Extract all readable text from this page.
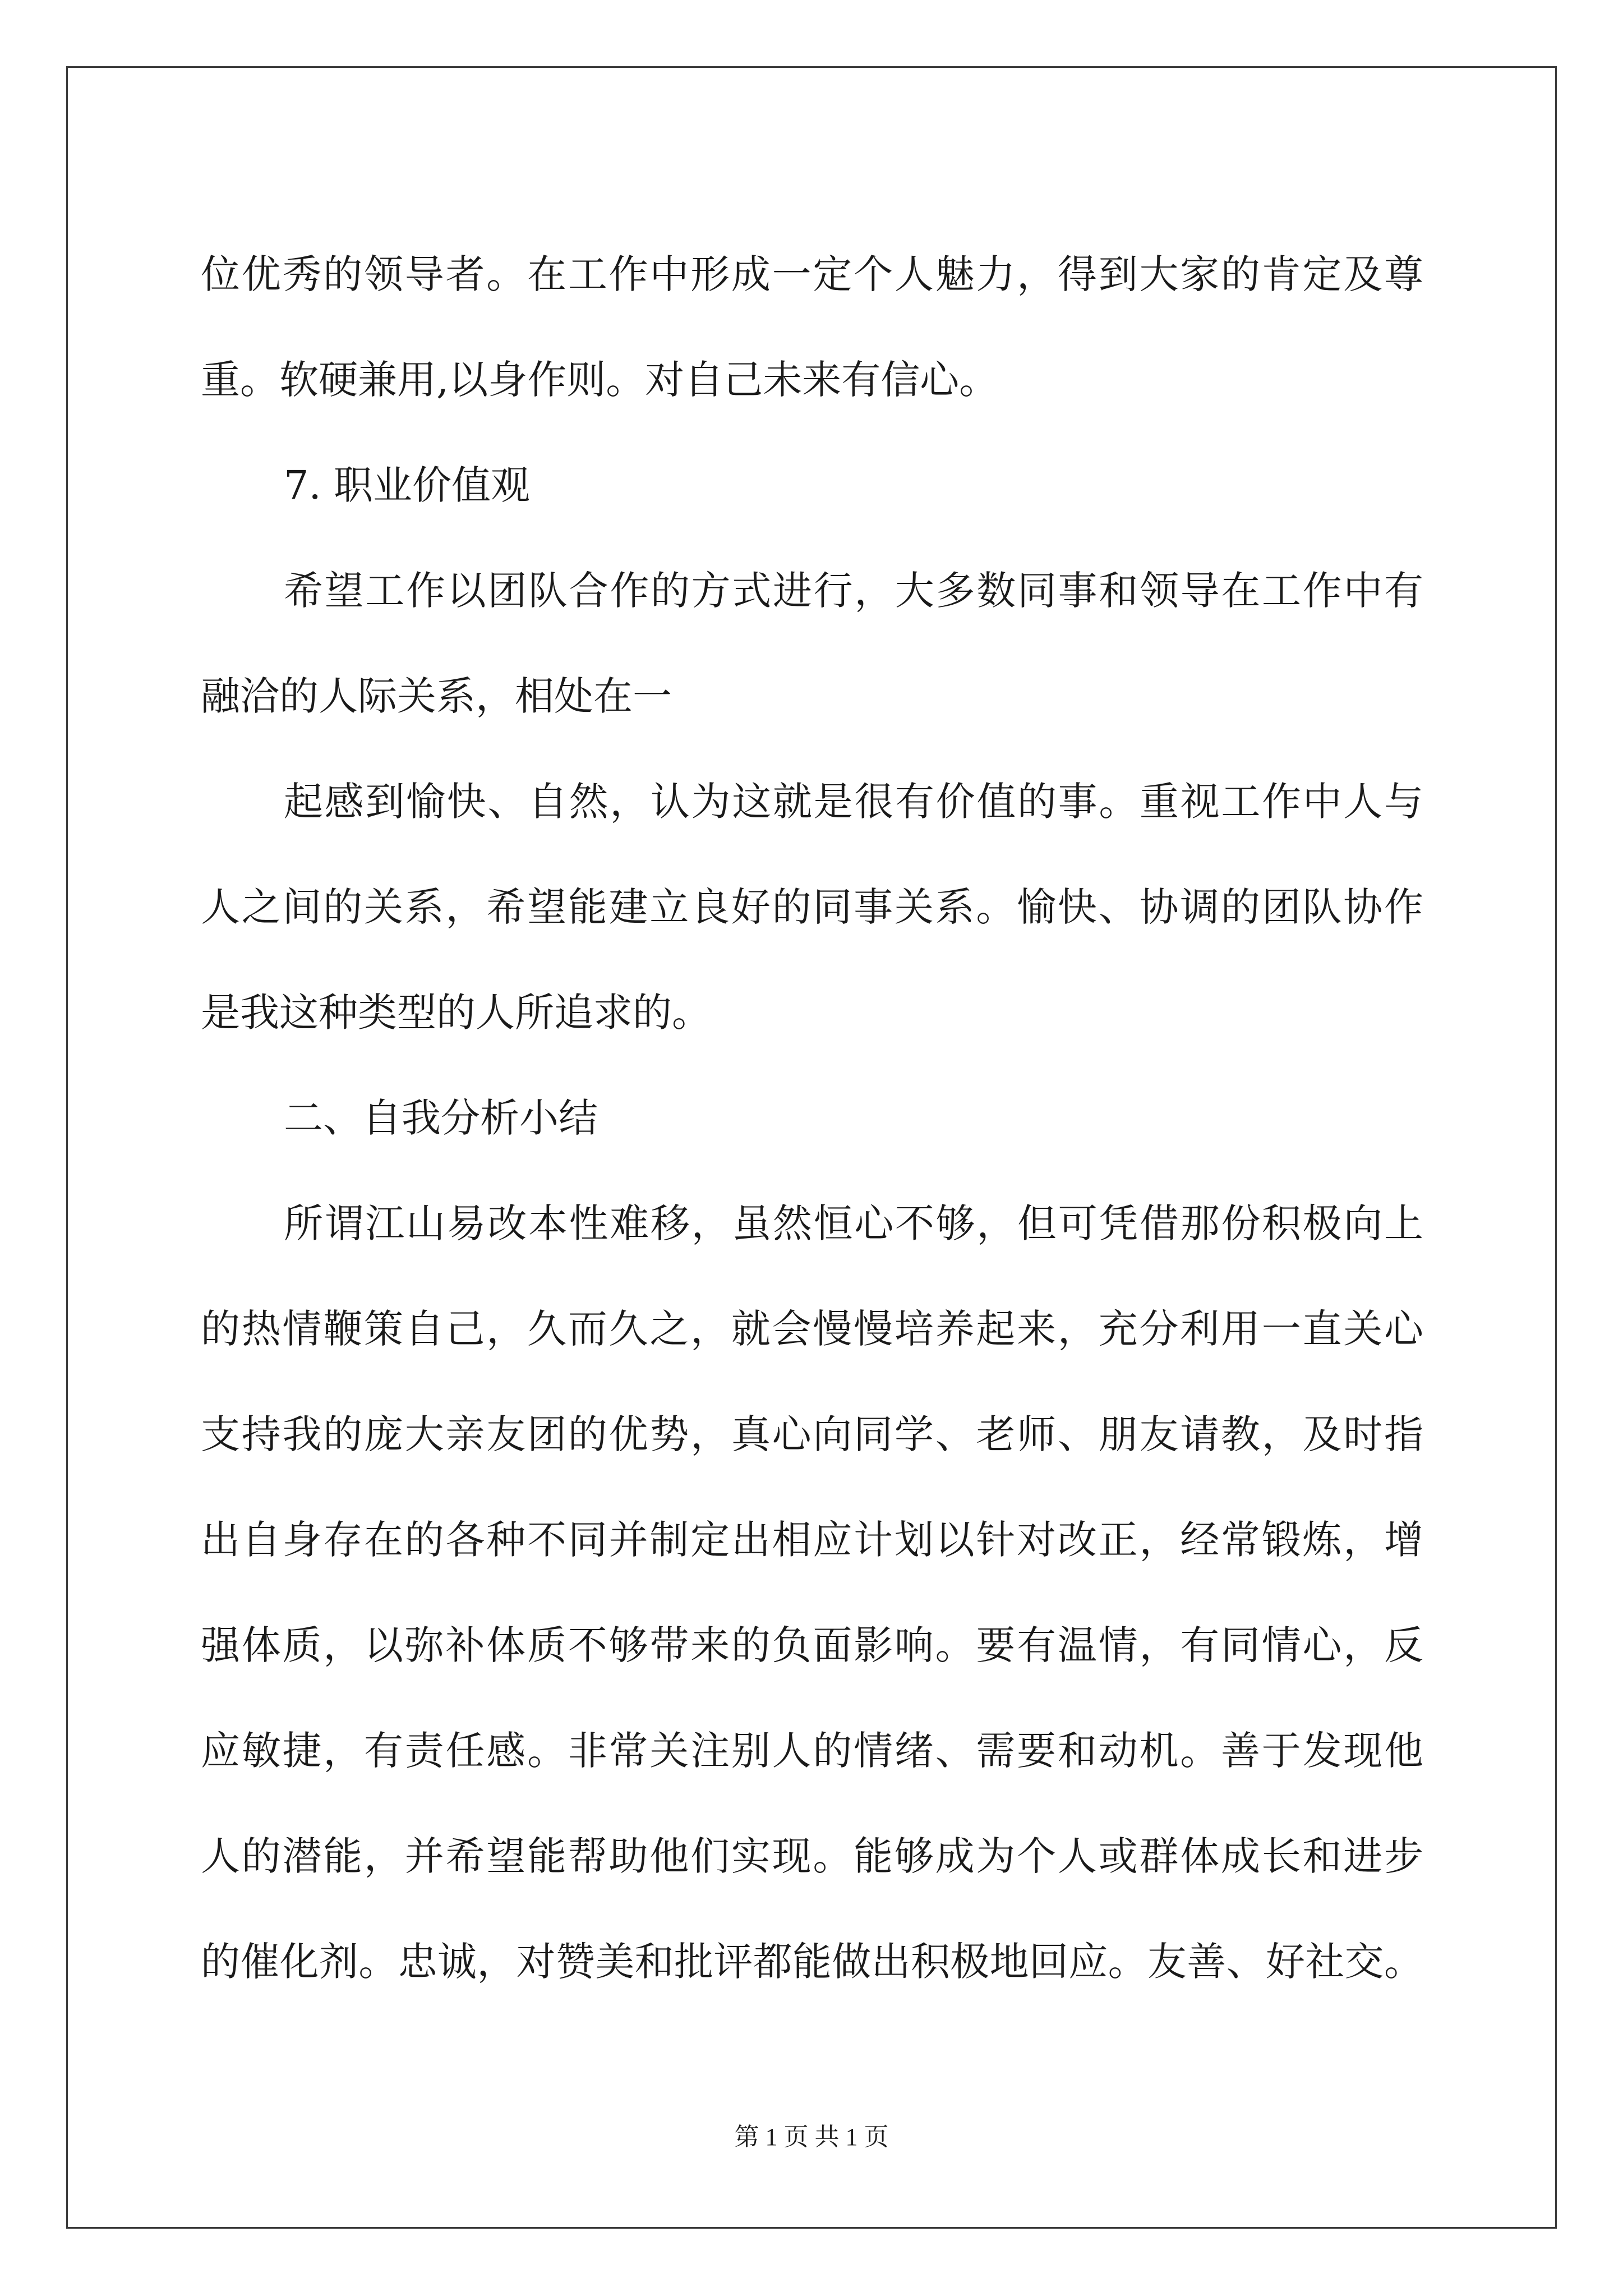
位优秀的领导者。在工作中形成一定个人魅力，得到大家的肯定及尊
重。软硬兼用,以身作则。对自己未来有信心。
7. 职业价值观
希望工作以团队合作的方式进行，大多数同事和领导在工作中有
融洽的人际关系，相处在一
起感到愉快、自然，认为这就是很有价值的事。重视工作中人与
人之间的关系，希望能建立良好的同事关系。愉快、协调的团队协作
是我这种类型的人所追求的。
二、自我分析小结
所谓江山易改本性难移，虽然恒心不够，但可凭借那份积极向上
的热情鞭策自己，久而久之，就会慢慢培养起来，充分利用一直关心
支持我的庞大亲友团的优势，真心向同学、老师、朋友请教，及时指
出自身存在的各种不同并制定出相应计划以针对改正，经常锻炼，增
强体质，以弥补体质不够带来的负面影响。要有温情，有同情心，反
应敏捷，有责任感。非常关注别人的情绪、需要和动机。善于发现他
人的潜能，并希望能帮助他们实现。能够成为个人或群体成长和进步
的催化剂。忠诚，对赞美和批评都能做出积极地回应。友善、好社交。
第 1 页 共 1 页
